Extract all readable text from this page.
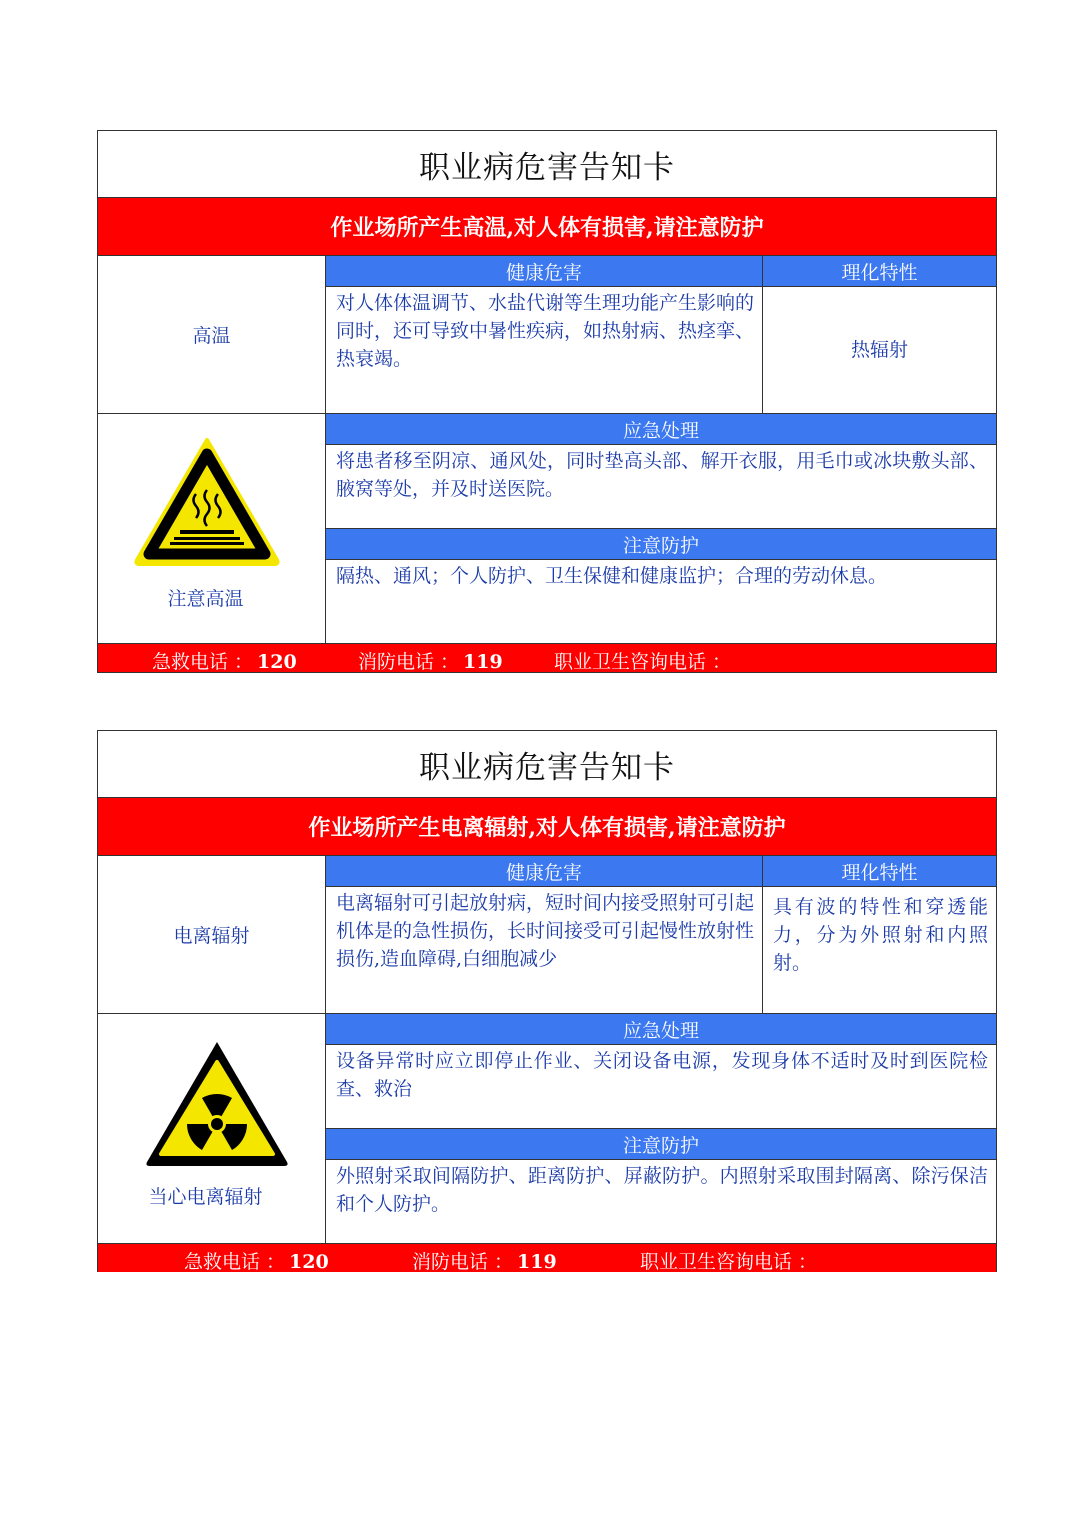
职业病危害告知卡
作业场所产生高温,对人体有损害,请注意防护
高温
健康危害
对人体体温调节、水盐代谢等生理功能产生影响的同时，还可导致中暑性疾病，如热射病、热痉挛、热衰竭。
理化特性
热辐射
注意高温
应急处理
将患者移至阴凉、通风处，同时垫高头部、解开衣服，用毛巾或冰块敷头部、腋窝等处，并及时送医院。
注意防护
隔热、通风；个人防护、卫生保健和健康监护；合理的劳动休息。
急救电话 ： 120	消防电话 ： 119	职业卫生咨询电话 ：
职业病危害告知卡
作业场所产生电离辐射,对人体有损害,请注意防护
电离辐射
健康危害
电离辐射可引起放射病，短时间内接受照射可引起机体是的急性损伤，长时间接受可引起慢性放射性损伤,造血障碍,白细胞减少
理化特性
具有波的特性和穿透能力，分为外照射和内照射。
当心电离辐射
应急处理
设备异常时应立即停止作业、关闭设备电源，发现身体不适时及时到医院检查、救治
注意防护
外照射采取间隔防护、距离防护、屏蔽防护。内照射采取围封隔离、除污保洁和个人防护。
急救电话 ： 120	消防电话 ： 119	职业卫生咨询电话 ：
